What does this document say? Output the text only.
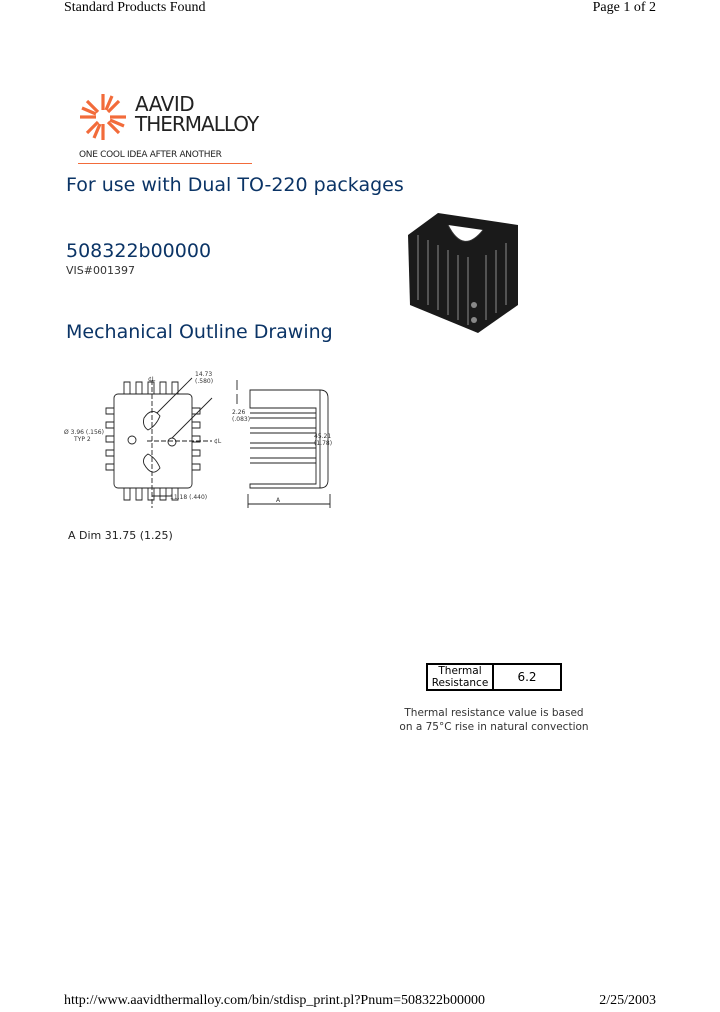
Standard Products Found	Page 1 of 2
AAVID
THERMALLOY
ONE COOL IDEA AFTER ANOTHER
For use with Dual TO-220 packages
508322b00000
VIS#001397
Mechanical Outline Drawing
¢L
¢L
14.73
(.580)
Ø 3.96 (.156)
TYP 2
11.18 (.440)
2.26
(.083)
45.21
(1.78)
A
A Dim 31.75 (1.25)
Thermal
Resistance	6.2
Thermal resistance value is based on a 75°C rise in natural convection
http://www.aavidthermalloy.com/bin/stdisp_print.pl?Pnum=508322b00000	2/25/2003
